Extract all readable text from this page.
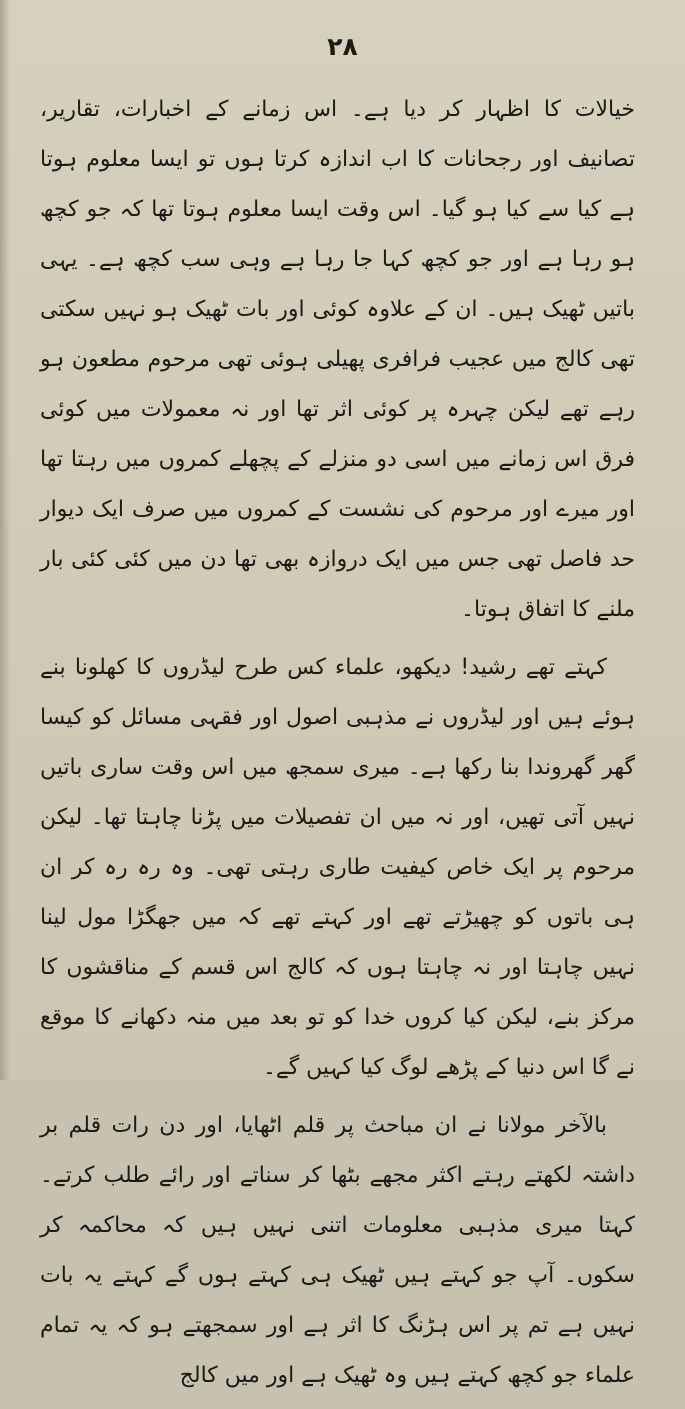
۲۸

خیالات کا اظہار کر دیا ہے۔ اس زمانے کے اخبارات، تقاریر، تصانیف اور رجحانات کا اب اندازہ کرتا ہوں تو ایسا معلوم ہوتا ہے کیا سے کیا ہو گیا۔ اس وقت ایسا معلوم ہوتا تھا کہ جو کچھ ہو رہا ہے اور جو کچھ کہا جا رہا ہے وہی سب کچھ ہے۔ یہی باتیں ٹھیک ہیں۔ ان کے علاوہ کوئی اور بات ٹھیک ہو نہیں سکتی تھی کالج میں عجیب فرافری پھیلی ہوئی تھی مرحوم مطعون ہو رہے تھے لیکن چہرہ پر کوئی اثر تھا اور نہ معمولات میں کوئی فرق اس زمانے میں اسی دو منزلے کے پچھلے کمروں میں رہتا تھا اور میرے اور مرحوم کی نشست کے کمروں میں صرف ایک دیوار حد فاصل تھی جس میں ایک دروازہ بھی تھا دن میں کئی کئی بار ملنے کا اتفاق ہوتا۔

کہتے تھے رشید! دیکھو، علماء کس طرح لیڈروں کا کھلونا بنے ہوئے ہیں اور لیڈروں نے مذہبی اصول اور فقہی مسائل کو کیسا گھر گھروندا بنا رکھا ہے۔ میری سمجھ میں اس وقت ساری باتیں نہیں آتی تھیں، اور نہ میں ان تفصیلات میں پڑنا چاہتا تھا۔ لیکن مرحوم پر ایک خاص کیفیت طاری رہتی تھی۔ وہ رہ رہ کر ان ہی باتوں کو چھیڑتے تھے اور کہتے تھے کہ میں جھگڑا مول لینا نہیں چاہتا اور نہ چاہتا ہوں کہ کالج اس قسم کے مناقشوں کا مرکز بنے، لیکن کیا کروں خدا کو تو بعد میں منہ دکھانے کا موقع نے گا اس دنیا کے پڑھے لوگ کیا کہیں گے۔

بالآخر مولانا نے ان مباحث پر قلم اٹھایا، اور دن رات قلم بر داشتہ لکھتے رہتے اکثر مجھے بٹھا کر سناتے اور رائے طلب کرتے۔ کہتا میری مذہبی معلومات اتنی نہیں ہیں کہ محاکمہ کر سکوں۔ آپ جو کہتے ہیں ٹھیک ہی کہتے ہوں گے کہتے یہ بات نہیں ہے تم پر اس ہڑنگ کا اثر ہے اور سمجھتے ہو کہ یہ تمام علماء جو کچھ کہتے ہیں وہ ٹھیک ہے اور میں کالج
